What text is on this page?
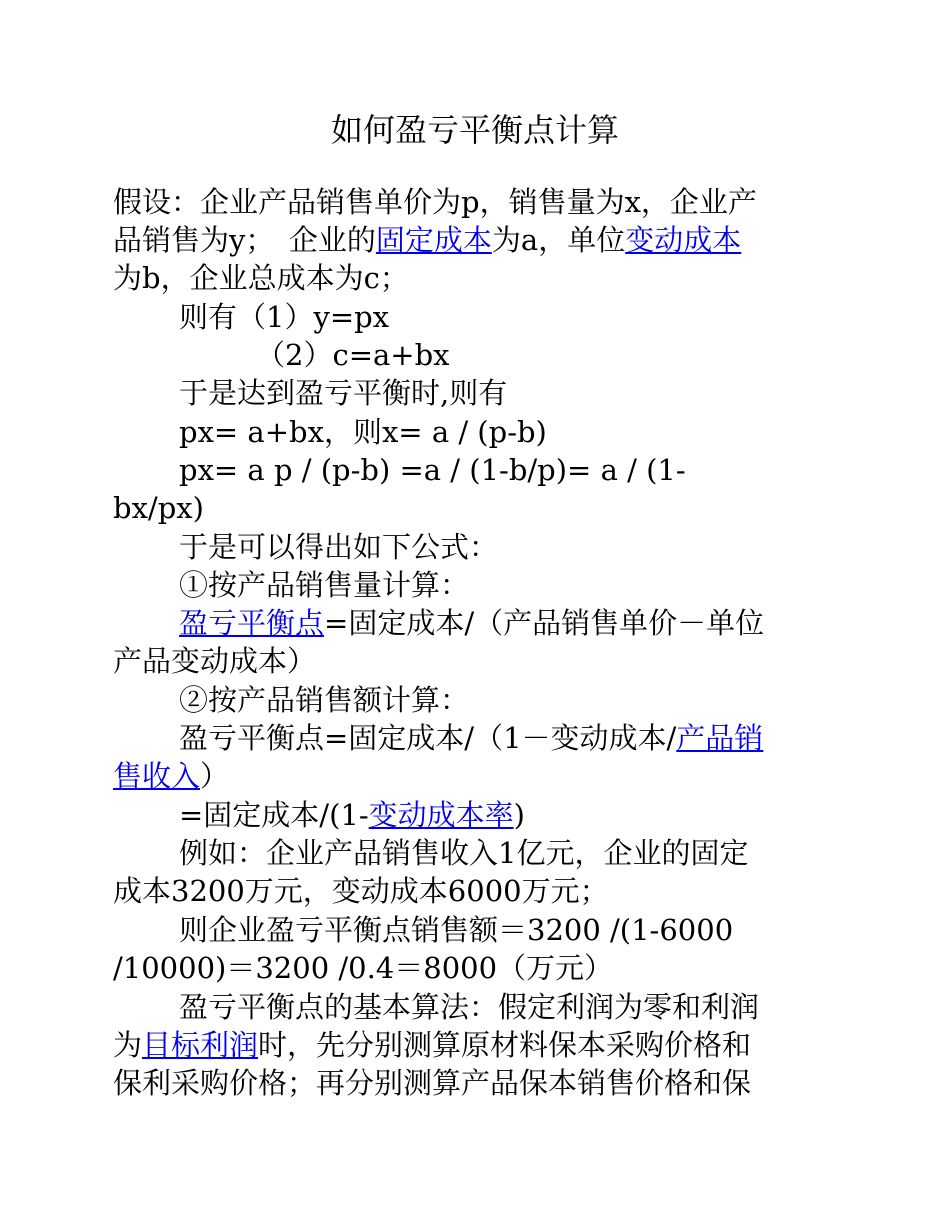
如何盈亏平衡点计算
假设：企业产品销售单价为p，销售量为x，企业产
品销售为y；　企业的固定成本为a，单位变动成本
为b，企业总成本为c；
则有（1）y=px
（2）c=a+bx
于是达到盈亏平衡时,则有
px= a+bx，则x= a / (p-b)
px= a p / (p-b) =a / (1-b/p)= a / (1-
bx/px)
于是可以得出如下公式：
①按产品销售量计算：
盈亏平衡点=固定成本/（产品销售单价－单位
产品变动成本）
②按产品销售额计算：
盈亏平衡点=固定成本/（1－变动成本/产品销
售收入）
=固定成本/(1-变动成本率)
例如：企业产品销售收入1亿元，企业的固定
成本3200万元，变动成本6000万元；
则企业盈亏平衡点销售额＝3200 /(1-6000
/10000)＝3200 /0.4＝8000（万元）
盈亏平衡点的基本算法：假定利润为零和利润
为目标利润时，先分别测算原材料保本采购价格和
保利采购价格；再分别测算产品保本销售价格和保
